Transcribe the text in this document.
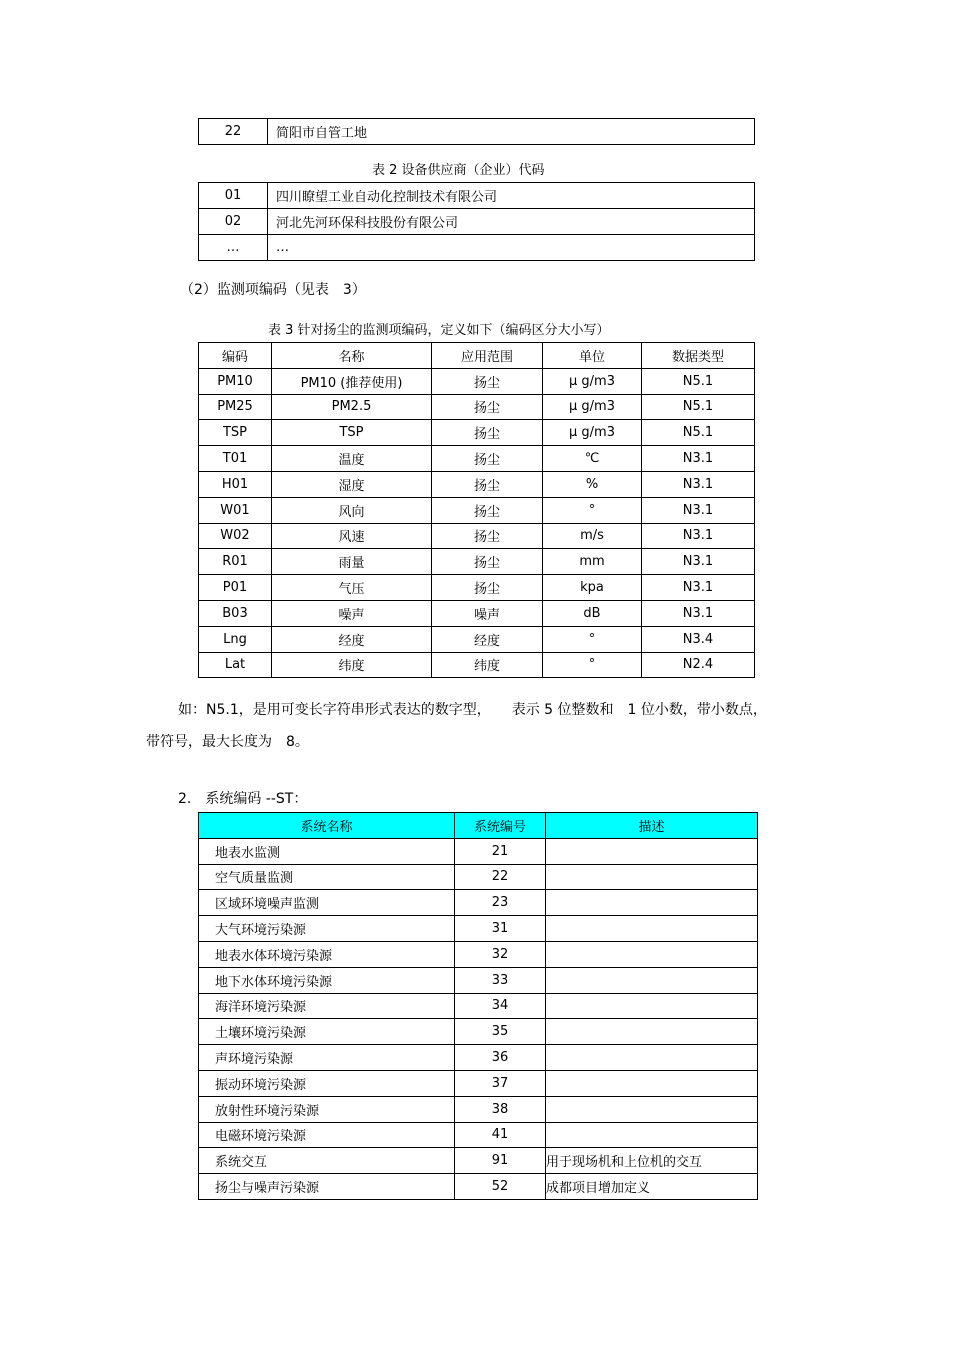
22	简阳市自管工地
表 2 设备供应商（企业）代码
01	四川瞭望工业自动化控制技术有限公司
02	河北先河环保科技股份有限公司
…	…
（2）监测项编码（见表　3）
表 3 针对扬尘的监测项编码，定义如下（编码区分大小写）
编码	名称	应用范围	单位	数据类型
PM10	PM10 (推荐使用)	扬尘	μ g/m3	N5.1
PM25	PM2.5	扬尘	μ g/m3	N5.1
TSP	TSP	扬尘	μ g/m3	N5.1
T01	温度	扬尘	℃	N3.1
H01	湿度	扬尘	%	N3.1
W01	风向	扬尘	°	N3.1
W02	风速	扬尘	m/s	N3.1
R01	雨量	扬尘	mm	N3.1
P01	气压	扬尘	kpa	N3.1
B03	噪声	噪声	dB	N3.1
Lng	经度	经度	°	N3.4
Lat	纬度	纬度	°	N2.4
如：N5.1，是用可变长字符串形式表达的数字型，　　表示 5 位整数和　1 位小数，带小数点，
带符号，最大长度为　8。
2.　系统编码 --ST：
系统名称	系统编号	描述
地表水监测	21	
空气质量监测	22	
区域环境噪声监测	23	
大气环境污染源	31	
地表水体环境污染源	32	
地下水体环境污染源	33	
海洋环境污染源	34	
土壤环境污染源	35	
声环境污染源	36	
振动环境污染源	37	
放射性环境污染源	38	
电磁环境污染源	41	
系统交互	91	用于现场机和上位机的交互
扬尘与噪声污染源	52	成都项目增加定义
